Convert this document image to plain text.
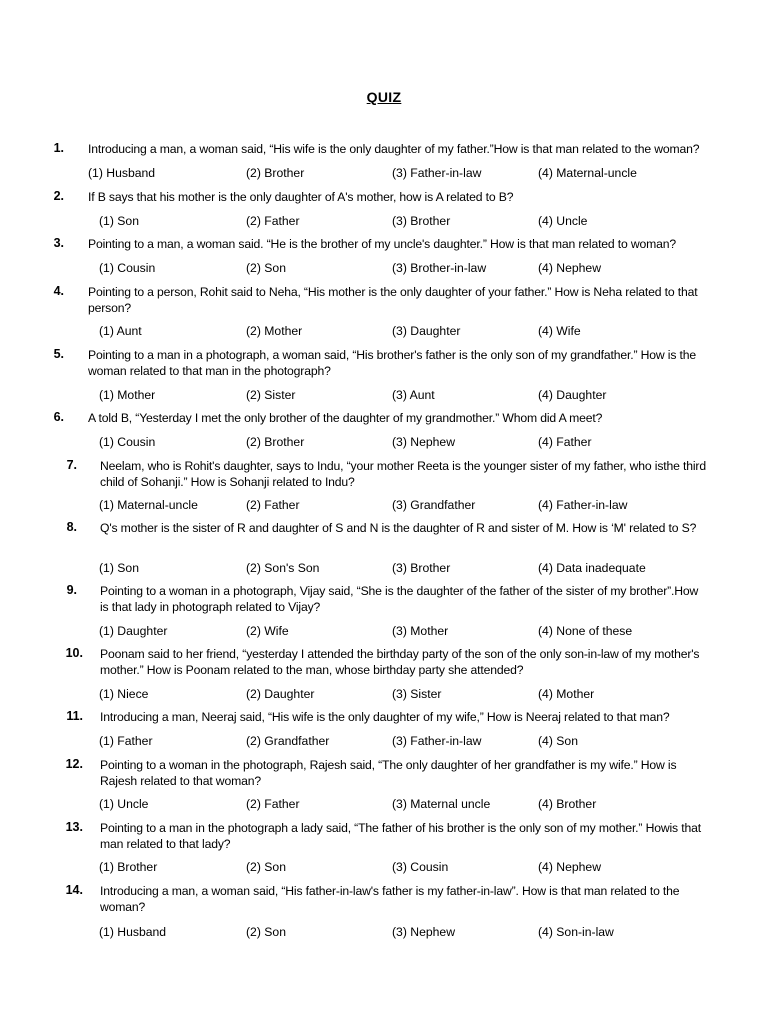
QUIZ
1. Introducing a man, a woman said, “His wife is the only daughter of my father.”How is that man related to the woman?
(1) Husband	(2) Brother	(3) Father-in-law	(4) Maternal-uncle
2. If B says that his mother is the only daughter of A's mother, how is A related to B?
(1) Son	(2) Father	(3) Brother	(4) Uncle
3. Pointing to a man, a woman said. “He is the brother of my uncle's daughter.” How is that man related to woman?
(1) Cousin	(2) Son	(3) Brother-in-law	(4) Nephew
4. Pointing to a person, Rohit said to Neha, “His mother is the only daughter of your father.” How is Neha related to that person?
(1) Aunt	(2) Mother	(3) Daughter	(4) Wife
5. Pointing to a man in a photograph, a woman said, “His brother's father is the only son of my grandfather.” How is the woman related to that man in the photograph?
(1) Mother	(2) Sister	(3) Aunt	(4) Daughter
6. A told B, “Yesterday I met the only brother of the daughter of my grandmother.” Whom did A meet?
(1) Cousin	(2) Brother	(3) Nephew	(4) Father
7. Neelam, who is Rohit's daughter, says to Indu, “your mother Reeta is the younger sister of my father, who isthe third child of Sohanji.” How is Sohanji related to Indu?
(1) Maternal-uncle	(2) Father	(3) Grandfather	(4) Father-in-law
8. Q's mother is the sister of R and daughter of S and N is the daughter of R and sister of M. How is ‘M' related to S?
(1) Son	(2) Son's Son	(3) Brother	(4) Data inadequate
9. Pointing to a woman in a photograph, Vijay said, “She is the daughter of the father of the sister of my brother”.How is that lady in photograph related to Vijay?
(1) Daughter	(2) Wife	(3) Mother	(4) None of these
10. Poonam said to her friend, “yesterday I attended the birthday party of the son of the only son-in-law of my mother's mother.” How is Poonam related to the man, whose birthday party she attended?
(1) Niece	(2) Daughter	(3) Sister	(4) Mother
11. Introducing a man, Neeraj said, “His wife is the only daughter of my wife,” How is Neeraj related to that man?
(1) Father	(2) Grandfather	(3) Father-in-law	(4) Son
12. Pointing to a woman in the photograph, Rajesh said, “The only daughter of her grandfather is my wife.” How is Rajesh related to that woman?
(1) Uncle	(2) Father	(3) Maternal uncle	(4) Brother
13. Pointing to a man in the photograph a lady said, “The father of his brother is the only son of my mother.” Howis that man related to that lady?
(1) Brother	(2) Son	(3) Cousin	(4) Nephew
14. Introducing a man, a woman said, “His father-in-law's father is my father-in-law”. How is that man related to the woman?
(1) Husband	(2) Son	(3) Nephew	(4) Son-in-law
